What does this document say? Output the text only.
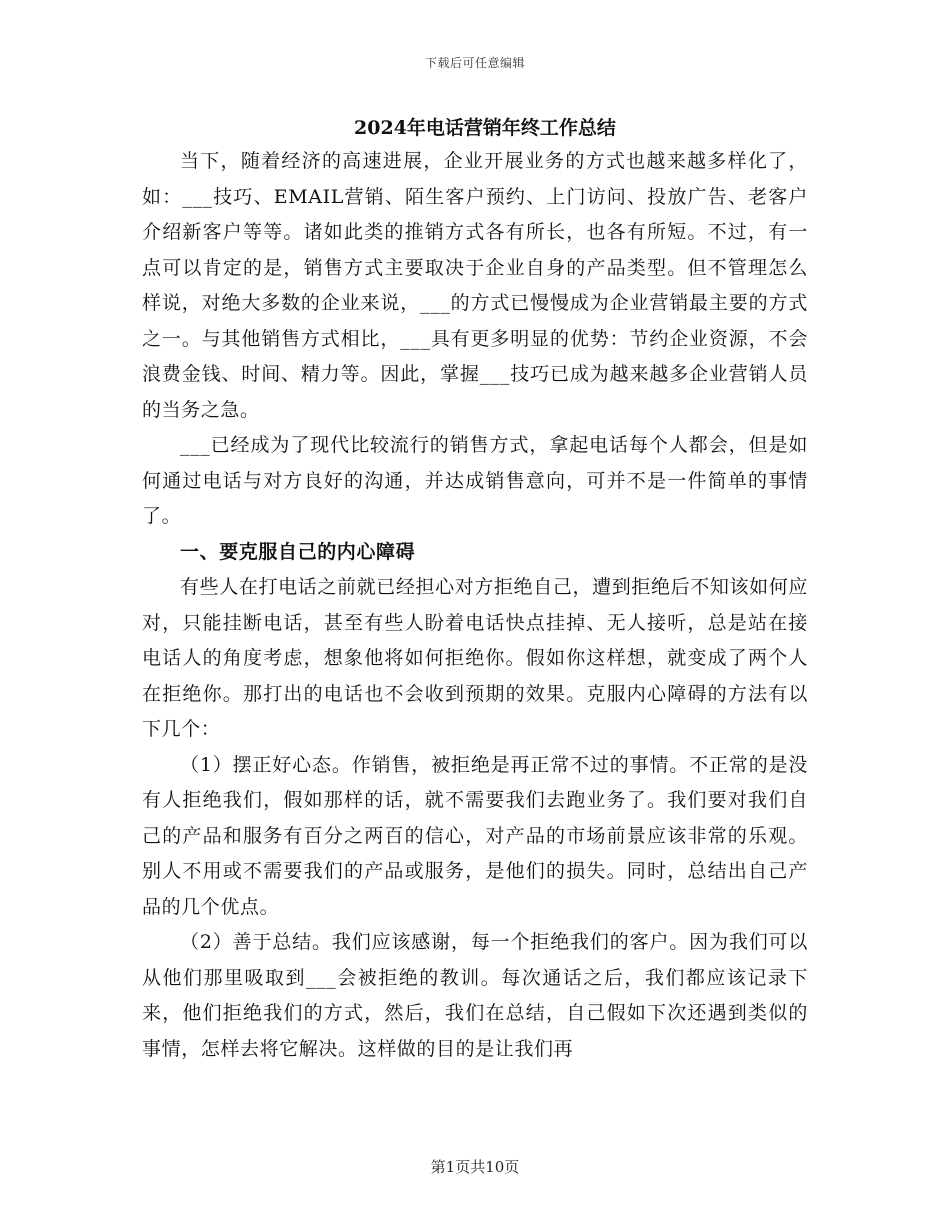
下载后可任意编辑

2024年电话营销年终工作总结

当下，随着经济的高速进展，企业开展业务的方式也越来越多样化了，如：___技巧、EMAIL营销、陌生客户预约、上门访问、投放广告、老客户介绍新客户等等。诸如此类的推销方式各有所长，也各有所短。不过，有一点可以肯定的是，销售方式主要取决于企业自身的产品类型。但不管理怎么样说，对绝大多数的企业来说，___的方式已慢慢成为企业营销最主要的方式之一。与其他销售方式相比，___具有更多明显的优势：节约企业资源，不会浪费金钱、时间、精力等。因此，掌握___技巧已成为越来越多企业营销人员的当务之急。

___已经成为了现代比较流行的销售方式，拿起电话每个人都会，但是如何通过电话与对方良好的沟通，并达成销售意向，可并不是一件简单的事情了。

一、要克服自己的内心障碍

有些人在打电话之前就已经担心对方拒绝自己，遭到拒绝后不知该如何应对，只能挂断电话，甚至有些人盼着电话快点挂掉、无人接听，总是站在接电话人的角度考虑，想象他将如何拒绝你。假如你这样想，就变成了两个人在拒绝你。那打出的电话也不会收到预期的效果。克服内心障碍的方法有以下几个：

（1）摆正好心态。作销售，被拒绝是再正常不过的事情。不正常的是没有人拒绝我们，假如那样的话，就不需要我们去跑业务了。我们要对我们自己的产品和服务有百分之两百的信心，对产品的市场前景应该非常的乐观。别人不用或不需要我们的产品或服务，是他们的损失。同时，总结出自己产品的几个优点。

（2）善于总结。我们应该感谢，每一个拒绝我们的客户。因为我们可以从他们那里吸取到___会被拒绝的教训。每次通话之后，我们都应该记录下来，他们拒绝我们的方式，然后，我们在总结，自己假如下次还遇到类似的事情，怎样去将它解决。这样做的目的是让我们再

第1页共10页
